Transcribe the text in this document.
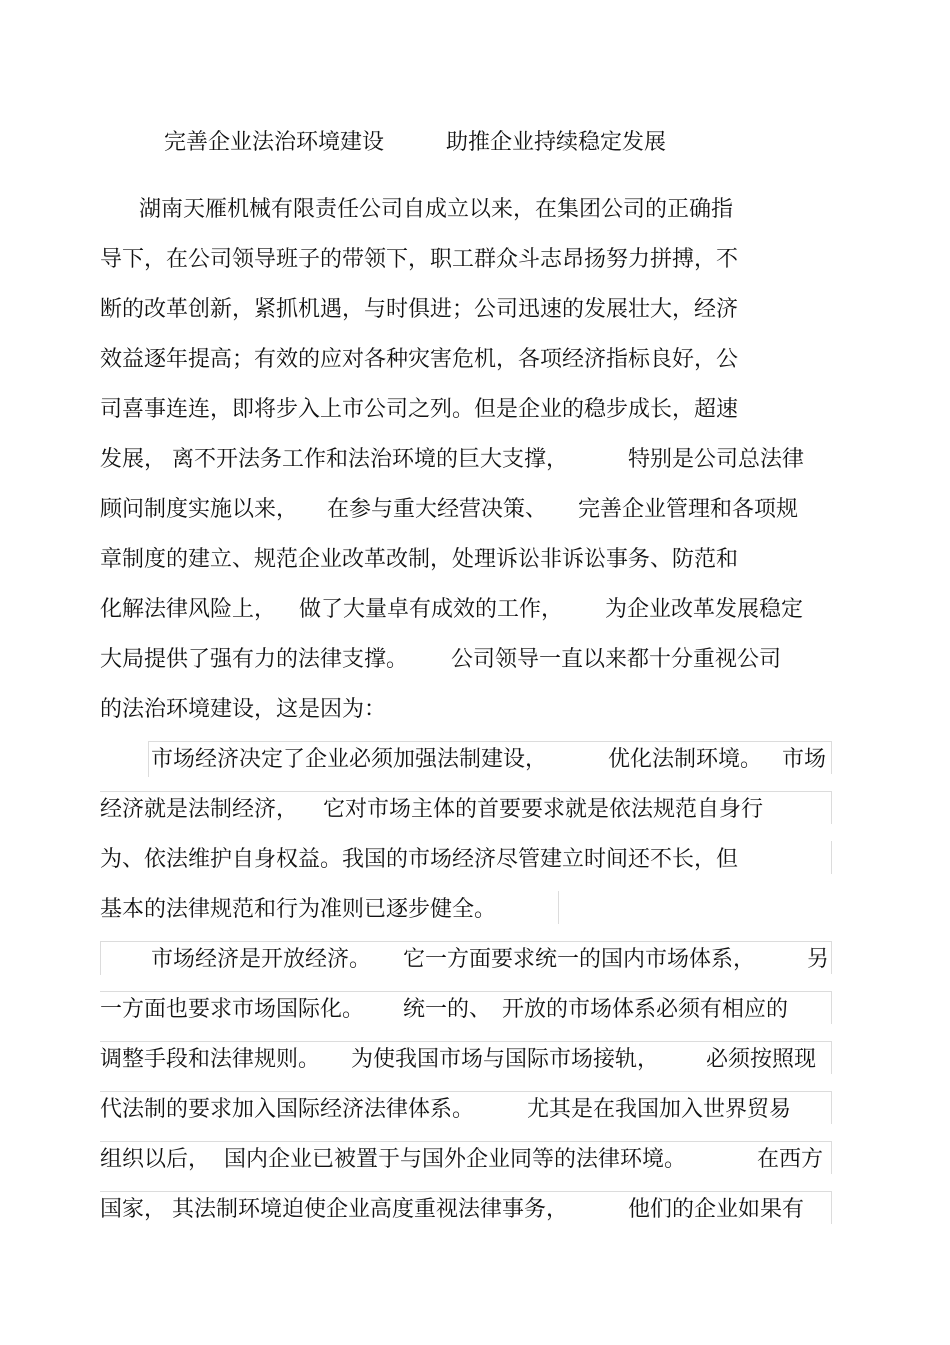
完善企业法治环境建设	助推企业持续稳定发展
湖南天雁机械有限责任公司自成立以来，在集团公司的正确指
导下，在公司领导班子的带领下，职工群众斗志昂扬努力拼搏，不
断的改革创新，紧抓机遇，与时俱进；公司迅速的发展壮大，经济
效益逐年提高；有效的应对各种灾害危机，各项经济指标良好，公
司喜事连连，即将步入上市公司之列。但是企业的稳步成长，超速
发展， 离不开法务工作和法治环境的巨大支撑，	特别是公司总法律
顾问制度实施以来， 在参与重大经营决策、 完善企业管理和各项规
章制度的建立、规范企业改革改制，处理诉讼非诉讼事务、防范和
化解法律风险上， 做了大量卓有成效的工作， 为企业改革发展稳定
大局提供了强有力的法律支撑。 公司领导一直以来都十分重视公司
的法治环境建设，这是因为：
市场经济决定了企业必须加强法制建设，	优化法制环境。 市场
经济就是法制经济， 它对市场主体的首要要求就是依法规范自身行
为、依法维护自身权益。我国的市场经济尽管建立时间还不长，但
基本的法律规范和行为准则已逐步健全。
市场经济是开放经济。 它一方面要求统一的国内市场体系， 另
一方面也要求市场国际化。 统一的、 开放的市场体系必须有相应的
调整手段和法律规则。 为使我国市场与国际市场接轨， 必须按照现
代法制的要求加入国际经济法律体系。 尤其是在我国加入世界贸易
组织以后， 国内企业已被置于与国外企业同等的法律环境。	在西方
国家， 其法制环境迫使企业高度重视法律事务，	他们的企业如果有
